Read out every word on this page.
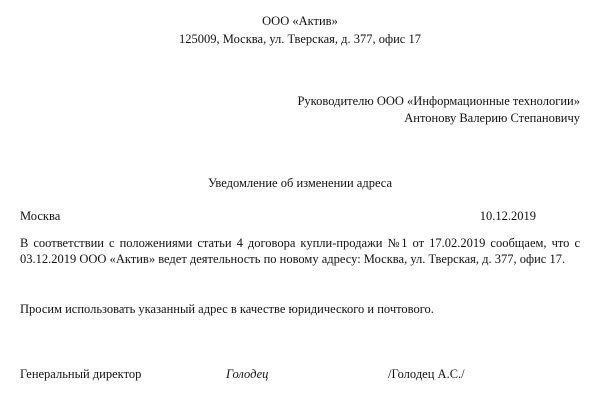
ООО «Актив»
125009, Москва, ул. Тверская, д. 377, офис 17
Руководителю ООО «Информационные технологии»
Антонову Валерию Степановичу
Уведомление об изменении адреса
Москва	10.12.2019
В соответствии с положениями статьи 4 договора купли-продажи №1 от 17.02.2019 сообщаем, что с 03.12.2019 ООО «Актив» ведет деятельность по новому адресу: Москва, ул. Тверская, д. 377, офис 17.
Просим использовать указанный адрес в качестве юридического и почтового.
Генеральный директор	Голодец	/Голодец А.С./
